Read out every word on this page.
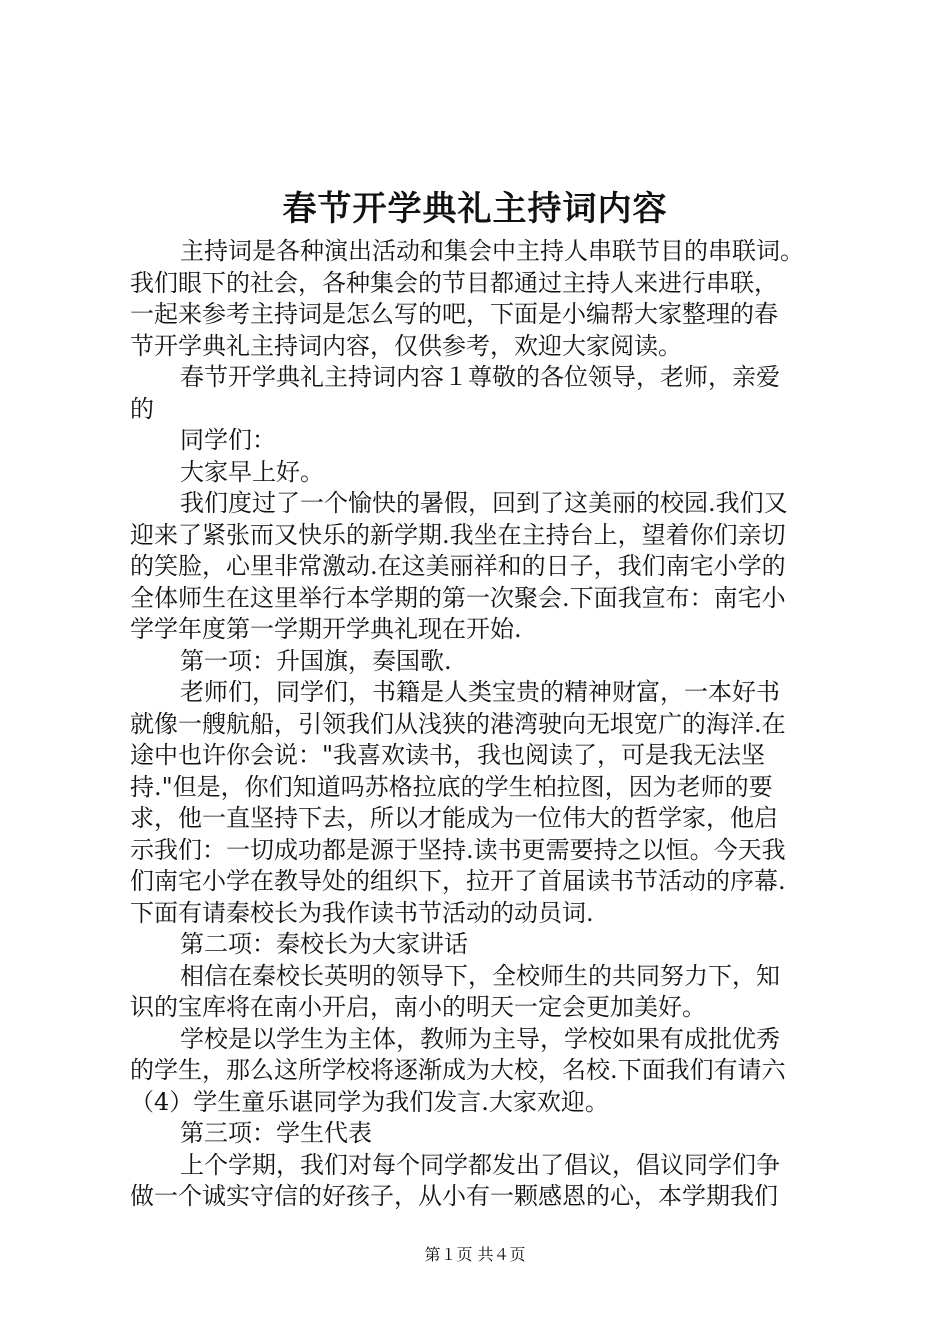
春节开学典礼主持词内容
主持词是各种演出活动和集会中主持人串联节目的串联词。
我们眼下的社会，各种集会的节目都通过主持人来进行串联，
一起来参考主持词是怎么写的吧，下面是小编帮大家整理的春
节开学典礼主持词内容，仅供参考，欢迎大家阅读。
春节开学典礼主持词内容１尊敬的各位领导，老师，亲爱
的
同学们：
大家早上好。
我们度过了一个愉快的暑假，回到了这美丽的校园.我们又
迎来了紧张而又快乐的新学期.我坐在主持台上，望着你们亲切
的笑脸，心里非常激动.在这美丽祥和的日子，我们南宅小学的
全体师生在这里举行本学期的第一次聚会.下面我宣布：南宅小
学学年度第一学期开学典礼现在开始.
第一项：升国旗，奏国歌.
老师们，同学们，书籍是人类宝贵的精神财富，一本好书
就像一艘航船，引领我们从浅狭的港湾驶向无垠宽广的海洋.在
途中也许你会说："我喜欢读书，我也阅读了，可是我无法坚
持."但是，你们知道吗苏格拉底的学生柏拉图，因为老师的要
求，他一直坚持下去，所以才能成为一位伟大的哲学家，他启
示我们：一切成功都是源于坚持.读书更需要持之以恒。今天我
们南宅小学在教导处的组织下，拉开了首届读书节活动的序幕.
下面有请秦校长为我作读书节活动的动员词.
第二项：秦校长为大家讲话
相信在秦校长英明的领导下，全校师生的共同努力下，知
识的宝库将在南小开启，南小的明天一定会更加美好。
学校是以学生为主体，教师为主导，学校如果有成批优秀
的学生，那么这所学校将逐渐成为大校，名校.下面我们有请六
（4）学生童乐谌同学为我们发言.大家欢迎。
第三项：学生代表
上个学期，我们对每个同学都发出了倡议，倡议同学们争
做一个诚实守信的好孩子，从小有一颗感恩的心，本学期我们
第１页 共４页
